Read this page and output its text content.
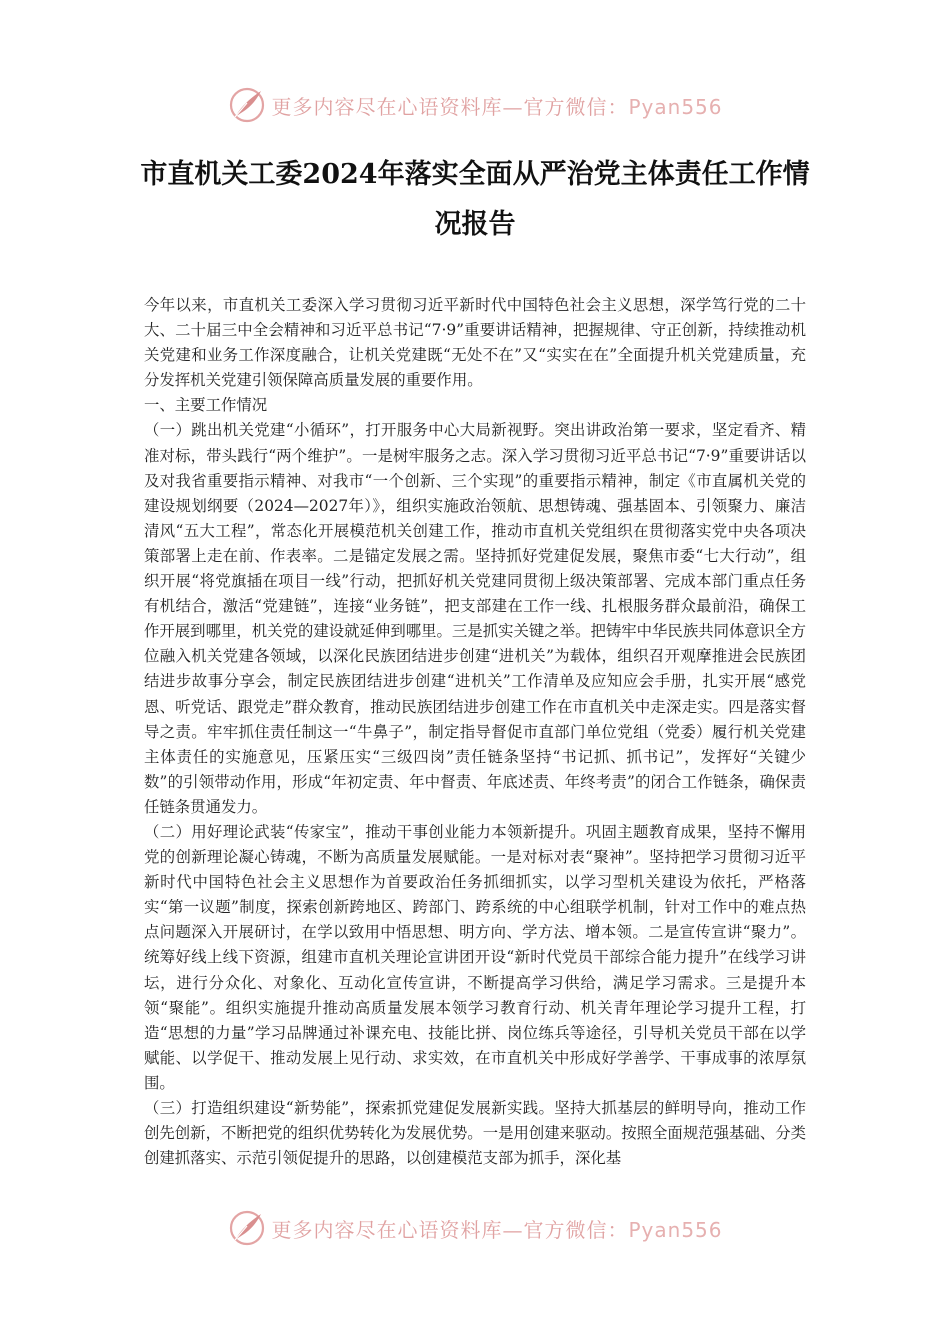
更多内容尽在心语资料库—官方微信：Pyan556
市直机关工委2024年落实全面从严治党主体责任工作情况报告

今年以来，市直机关工委深入学习贯彻习近平新时代中国特色社会主义思想，深学笃行党的二十大、二十届三中全会精神和习近平总书记“7·9”重要讲话精神，把握规律、守正创新，持续推动机关党建和业务工作深度融合，让机关党建既“无处不在”又“实实在在”全面提升机关党建质量，充分发挥机关党建引领保障高质量发展的重要作用。

一、主要工作情况

（一）跳出机关党建“小循环”，打开服务中心大局新视野。突出讲政治第一要求，坚定看齐、精准对标，带头践行“两个维护”。一是树牢服务之志。深入学习贯彻习近平总书记“7·9”重要讲话以及对我省重要指示精神、对我市“一个创新、三个实现”的重要指示精神，制定《市直属机关党的建设规划纲要（2024—2027年）》，组织实施政治领航、思想铸魂、强基固本、引领聚力、廉洁清风“五大工程”，常态化开展模范机关创建工作，推动市直机关党组织在贯彻落实党中央各项决策部署上走在前、作表率。二是锚定发展之需。坚持抓好党建促发展，聚焦市委“七大行动”，组织开展“将党旗插在项目一线”行动，把抓好机关党建同贯彻上级决策部署、完成本部门重点任务有机结合，激活“党建链”，连接“业务链”，把支部建在工作一线、扎根服务群众最前沿，确保工作开展到哪里，机关党的建设就延伸到哪里。三是抓实关键之举。把铸牢中华民族共同体意识全方位融入机关党建各领域，以深化民族团结进步创建“进机关”为载体，组织召开观摩推进会民族团结进步故事分享会，制定民族团结进步创建“进机关”工作清单及应知应会手册，扎实开展“感党恩、听党话、跟党走”群众教育，推动民族团结进步创建工作在市直机关中走深走实。四是落实督导之责。牢牢抓住责任制这一“牛鼻子”，制定指导督促市直部门单位党组（党委）履行机关党建主体责任的实施意见，压紧压实“三级四岗”责任链条坚持“书记抓、抓书记”，发挥好“关键少数”的引领带动作用，形成“年初定责、年中督责、年底述责、年终考责”的闭合工作链条，确保责任链条贯通发力。

（二）用好理论武装“传家宝”，推动干事创业能力本领新提升。巩固主题教育成果，坚持不懈用党的创新理论凝心铸魂，不断为高质量发展赋能。一是对标对表“聚神”。坚持把学习贯彻习近平新时代中国特色社会主义思想作为首要政治任务抓细抓实，以学习型机关建设为依托，严格落实“第一议题”制度，探索创新跨地区、跨部门、跨系统的中心组联学机制，针对工作中的难点热点问题深入开展研讨，在学以致用中悟思想、明方向、学方法、增本领。二是宣传宣讲“聚力”。统筹好线上线下资源，组建市直机关理论宣讲团开设“新时代党员干部综合能力提升”在线学习讲坛，进行分众化、对象化、互动化宣传宣讲，不断提高学习供给，满足学习需求。三是提升本领“聚能”。组织实施提升推动高质量发展本领学习教育行动、机关青年理论学习提升工程，打造“思想的力量”学习品牌通过补课充电、技能比拼、岗位练兵等途径，引导机关党员干部在以学赋能、以学促干、推动发展上见行动、求实效，在市直机关中形成好学善学、干事成事的浓厚氛围。

（三）打造组织建设“新势能”，探索抓党建促发展新实践。坚持大抓基层的鲜明导向，推动工作创先创新，不断把党的组织优势转化为发展优势。一是用创建来驱动。按照全面规范强基础、分类创建抓落实、示范引领促提升的思路，以创建模范支部为抓手，深化基

更多内容尽在心语资料库—官方微信：Pyan556
